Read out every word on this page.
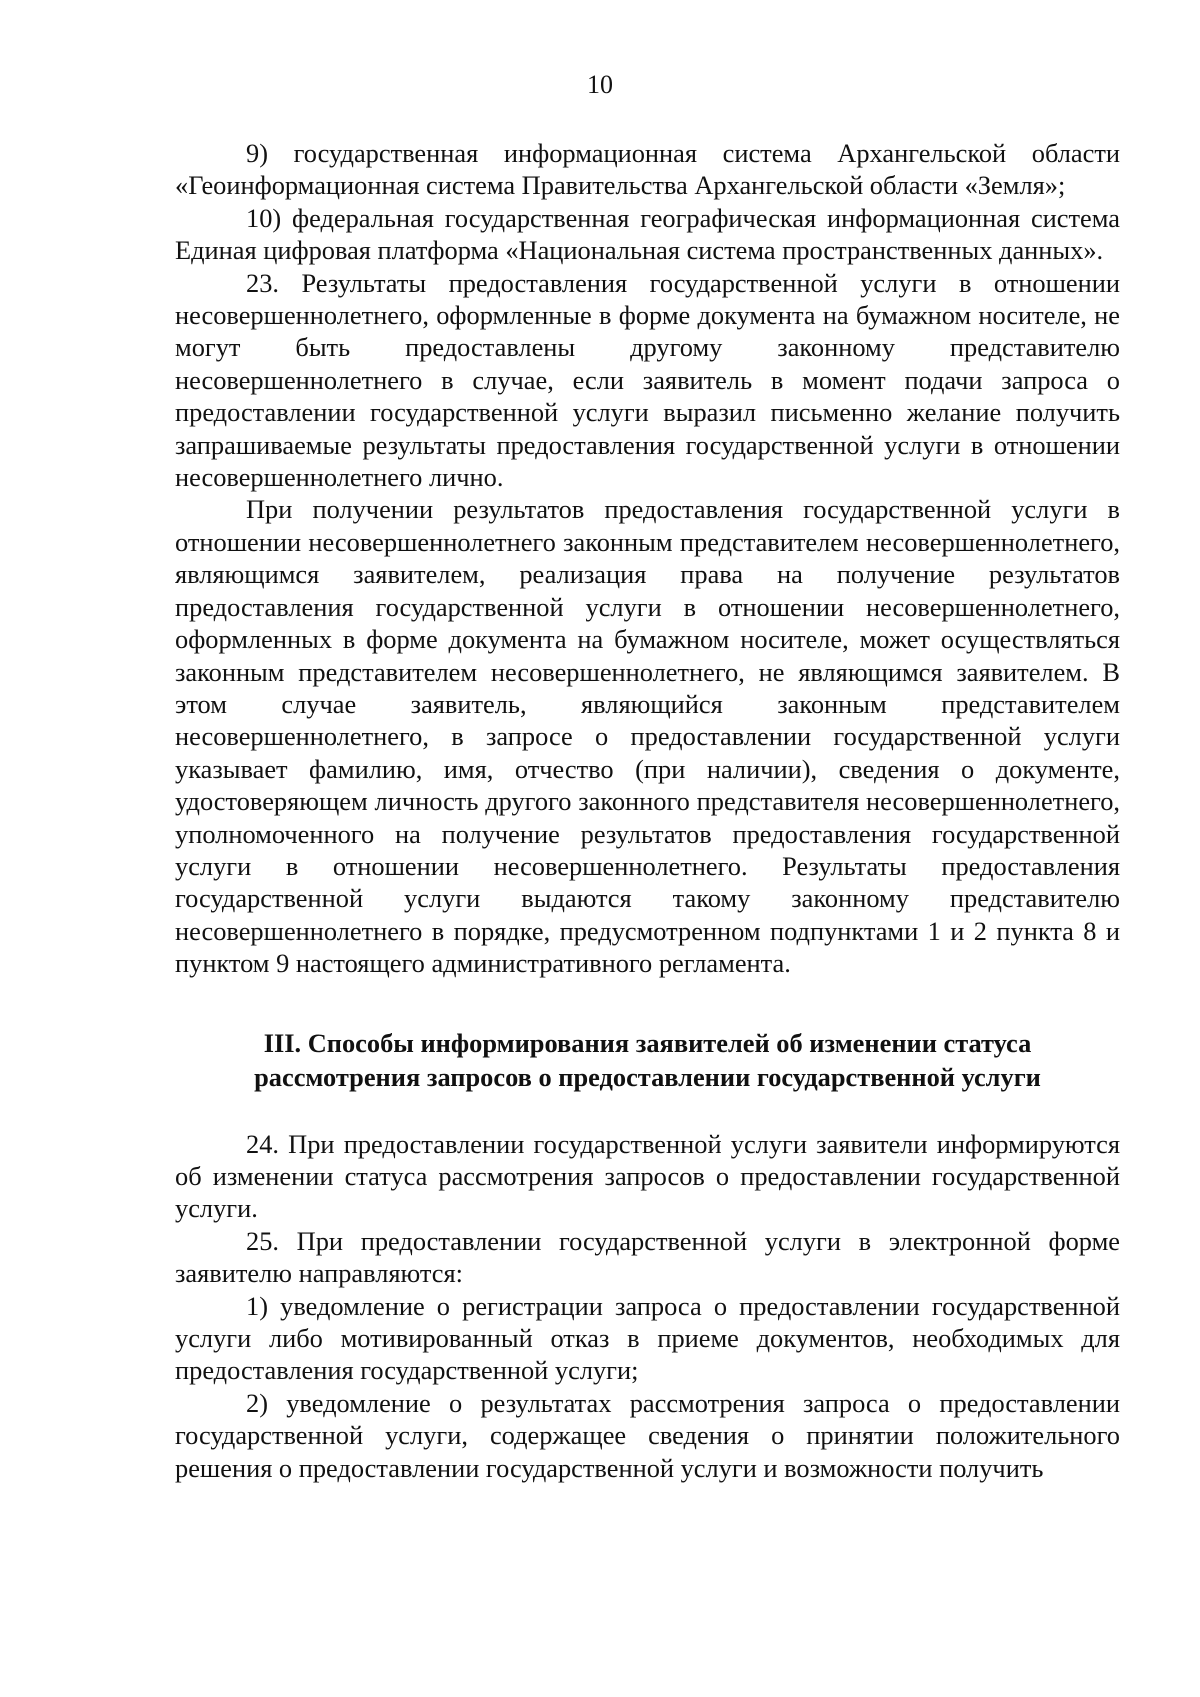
10

9) государственная информационная система Архангельской области «Геоинформационная система Правительства Архангельской области «Земля»;

10) федеральная государственная географическая информационная система Единая цифровая платформа «Национальная система пространственных данных».

23. Результаты предоставления государственной услуги в отношении несовершеннолетнего, оформленные в форме документа на бумажном носителе, не могут быть предоставлены другому законному представителю несовершеннолетнего в случае, если заявитель в момент подачи запроса о предоставлении государственной услуги выразил письменно желание получить запрашиваемые результаты предоставления государственной услуги в отношении несовершеннолетнего лично.

При получении результатов предоставления государственной услуги в отношении несовершеннолетнего законным представителем несовершеннолетнего, являющимся заявителем, реализация права на получение результатов предоставления государственной услуги в отношении несовершеннолетнего, оформленных в форме документа на бумажном носителе, может осуществляться законным представителем несовершеннолетнего, не являющимся заявителем. В этом случае заявитель, являющийся законным представителем несовершеннолетнего, в запросе о предоставлении государственной услуги указывает фамилию, имя, отчество (при наличии), сведения о документе, удостоверяющем личность другого законного представителя несовершеннолетнего, уполномоченного на получение результатов предоставления государственной услуги в отношении несовершеннолетнего. Результаты предоставления государственной услуги выдаются такому законному представителю несовершеннолетнего в порядке, предусмотренном подпунктами 1 и 2 пункта 8 и пунктом 9 настоящего административного регламента.

III. Способы информирования заявителей об изменении статуса
рассмотрения запросов о предоставлении государственной услуги

24. При предоставлении государственной услуги заявители информируются об изменении статуса рассмотрения запросов о предоставлении государственной услуги.

25. При предоставлении государственной услуги в электронной форме заявителю направляются:

1) уведомление о регистрации запроса о предоставлении государственной услуги либо мотивированный отказ в приеме документов, необходимых для предоставления государственной услуги;

2) уведомление о результатах рассмотрения запроса о предоставлении государственной услуги, содержащее сведения о принятии положительного решения о предоставлении государственной услуги и возможности получить
